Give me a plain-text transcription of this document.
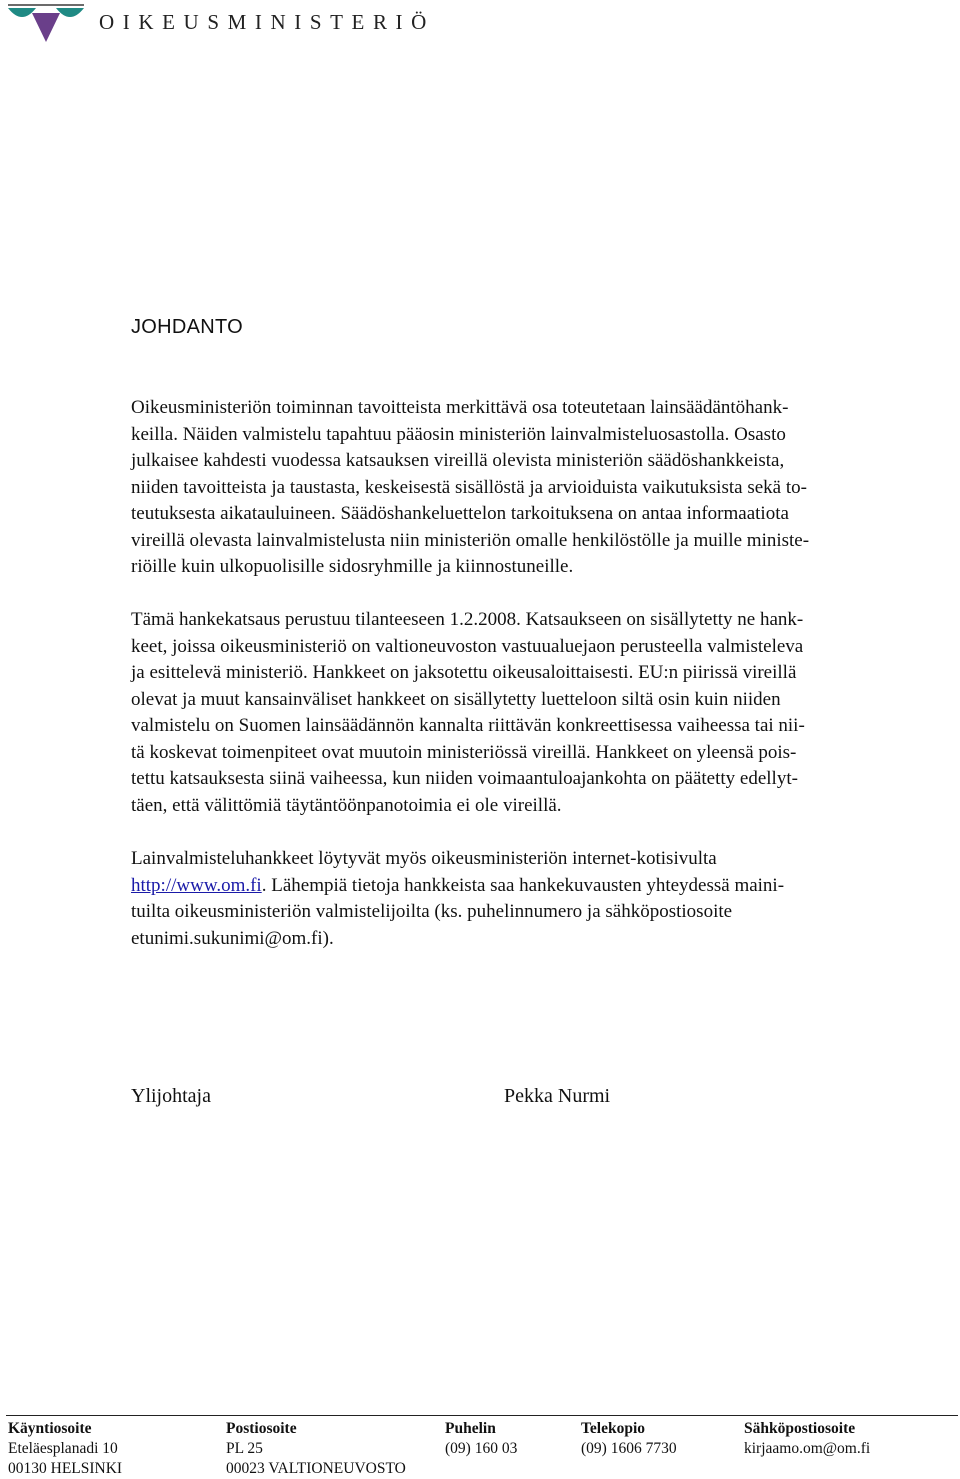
OIKEUSMINISTERIÖ
JOHDANTO

Oikeusministeriön toiminnan tavoitteista merkittävä osa toteutetaan lainsäädäntöhank-
keilla. Näiden valmistelu tapahtuu pääosin ministeriön lainvalmisteluosastolla. Osasto
julkaisee kahdesti vuodessa katsauksen vireillä olevista ministeriön säädöshankkeista,
niiden tavoitteista ja taustasta, keskeisestä sisällöstä ja arvioiduista vaikutuksista sekä to-
teutuksesta aikatauluineen. Säädöshankeluettelon tarkoituksena on antaa informaatiota
vireillä olevasta lainvalmistelusta niin ministeriön omalle henkilöstölle ja muille ministe-
riöille kuin ulkopuolisille sidosryhmille ja kiinnostuneille.

Tämä hankekatsaus perustuu tilanteeseen 1.2.2008. Katsaukseen on sisällytetty ne hank-
keet, joissa oikeusministeriö on valtioneuvoston vastuualuejaon perusteella valmisteleva
ja esittelevä ministeriö. Hankkeet on jaksotettu oikeusaloittaisesti. EU:n piirissä vireillä
olevat ja muut kansainväliset hankkeet on sisällytetty luetteloon siltä osin kuin niiden
valmistelu on Suomen lainsäädännön kannalta riittävän konkreettisessa vaiheessa tai nii-
tä koskevat toimenpiteet ovat muutoin ministeriössä vireillä. Hankkeet on yleensä pois-
tettu katsauksesta siinä vaiheessa, kun niiden voimaantuloajankohta on päätetty edellyt-
täen, että välittömiä täytäntöönpanotoimia ei ole vireillä.

Lainvalmisteluhankkeet löytyvät myös oikeusministeriön internet-kotisivulta
http://www.om.fi. Lähempiä tietoja hankkeista saa hankekuvausten yhteydessä maini-
tuilta oikeusministeriön valmistelijoilta (ks. puhelinnumero ja sähköpostiosoite
etunimi.sukunimi@om.fi).

Ylijohtaja	Pekka Nurmi
Käyntiosoite
Eteläesplanadi 10
00130 HELSINKI
Postiosoite
PL 25
00023 VALTIONEUVOSTO
Puhelin
(09) 160 03
Telekopio
(09) 1606 7730
Sähköpostiosoite
kirjaamo.om@om.fi
